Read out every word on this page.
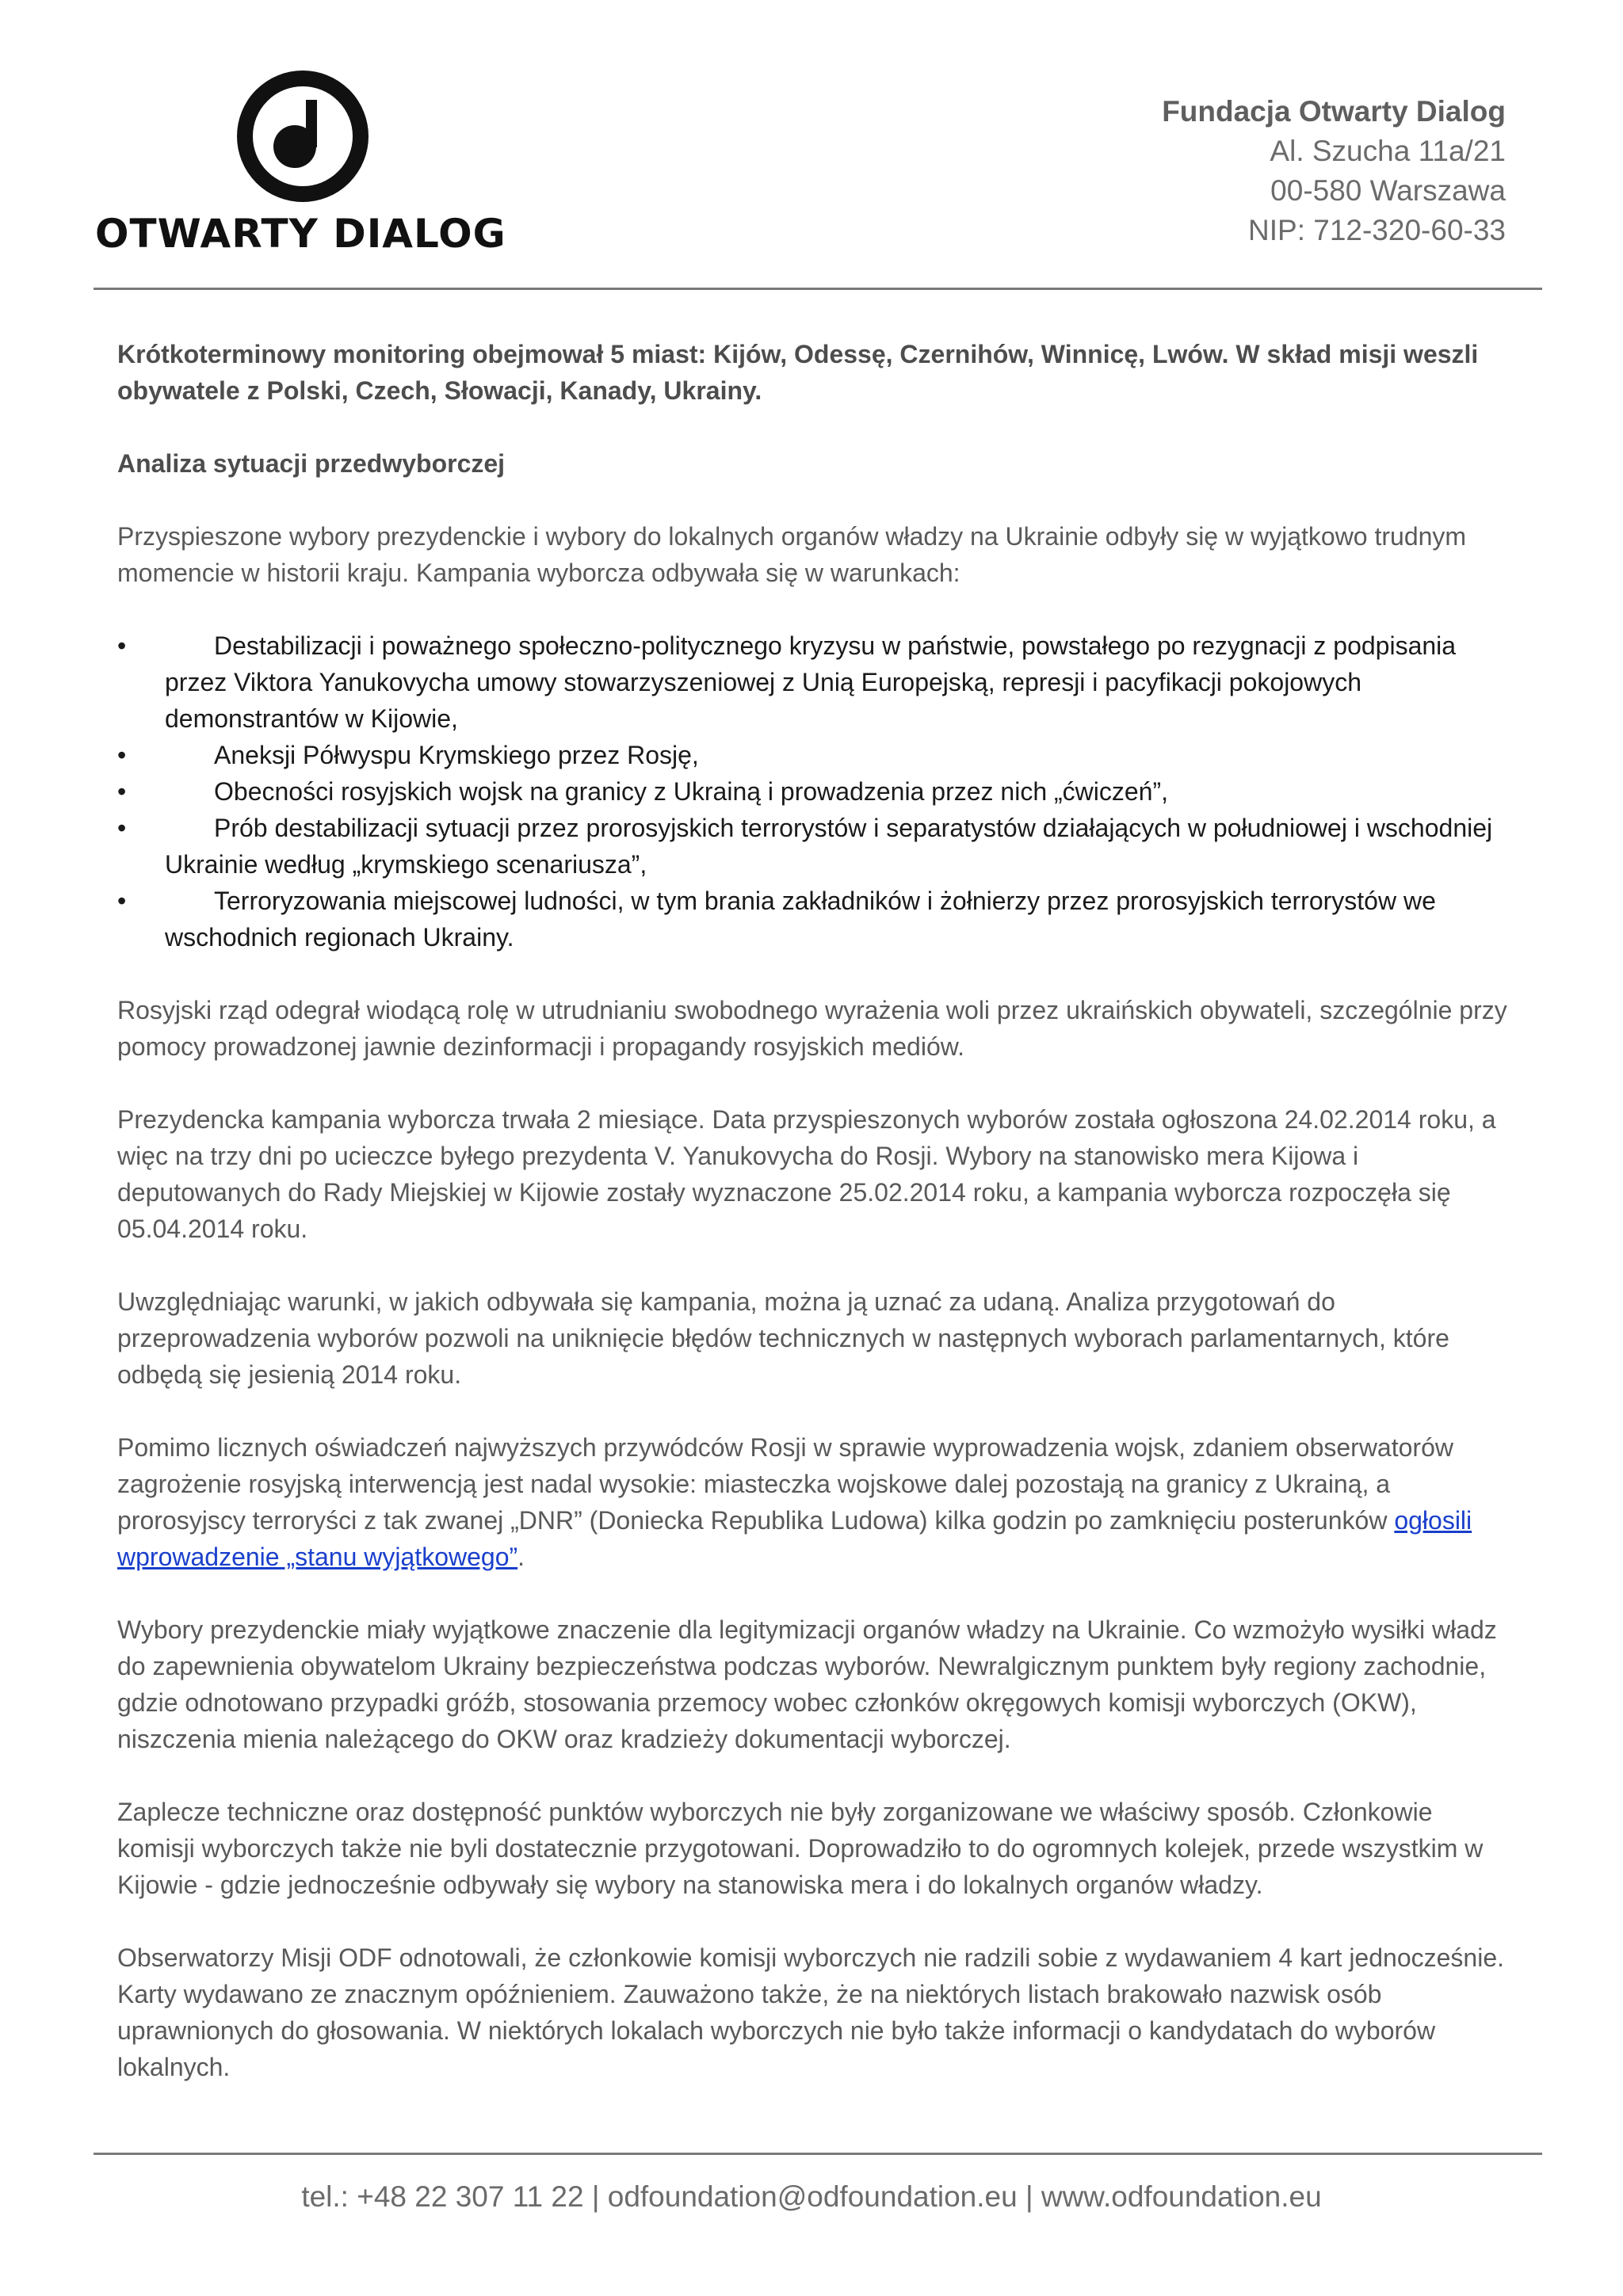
OTWARTY DIALOG
Fundacja Otwarty Dialog
Al. Szucha 11a/21
00-580 Warszawa
NIP: 712-320-60-33

Krótkoterminowy monitoring obejmował 5 miast: Kijów, Odessę, Czernihów, Winnicę, Lwów. W skład misji weszli obywatele z Polski, Czech, Słowacji, Kanady, Ukrainy.

Analiza sytuacji przedwyborczej

Przyspieszone wybory prezydenckie i wybory do lokalnych organów władzy na Ukrainie odbyły się w wyjątkowo trudnym momencie w historii kraju. Kampania wyborcza odbywała się w warunkach:

•	Destabilizacji i poważnego społeczno-politycznego kryzysu w państwie, powstałego po rezygnacji z podpisania przez Viktora Yanukovycha umowy stowarzyszeniowej z Unią Europejską, represji i pacyfikacji pokojowych demonstrantów w Kijowie,
•	Aneksji Półwyspu Krymskiego przez Rosję,
•	Obecności rosyjskich wojsk na granicy z Ukrainą i prowadzenia przez nich „ćwiczeń”,
•	Prób destabilizacji sytuacji przez prorosyjskich terrorystów i separatystów działających w południowej i wschodniej Ukrainie według „krymskiego scenariusza”,
•	Terroryzowania miejscowej ludności, w tym brania zakładników i żołnierzy przez prorosyjskich terrorystów we wschodnich regionach Ukrainy.

Rosyjski rząd odegrał wiodącą rolę w utrudnianiu swobodnego wyrażenia woli przez ukraińskich obywateli, szczególnie przy pomocy prowadzonej jawnie dezinformacji i propagandy rosyjskich mediów.

Prezydencka kampania wyborcza trwała 2 miesiące. Data przyspieszonych wyborów została ogłoszona 24.02.2014 roku, a więc na trzy dni po ucieczce byłego prezydenta V. Yanukovycha do Rosji. Wybory na stanowisko mera Kijowa i deputowanych do Rady Miejskiej w Kijowie zostały wyznaczone 25.02.2014 roku, a kampania wyborcza rozpoczęła się 05.04.2014 roku.

Uwzględniając warunki, w jakich odbywała się kampania, można ją uznać za udaną. Analiza przygotowań do przeprowadzenia wyborów pozwoli na uniknięcie błędów technicznych w następnych wyborach parlamentarnych, które odbędą się jesienią 2014 roku.

Pomimo licznych oświadczeń najwyższych przywódców Rosji w sprawie wyprowadzenia wojsk, zdaniem obserwatorów zagrożenie rosyjską interwencją jest nadal wysokie: miasteczka wojskowe dalej pozostają na granicy z Ukrainą, a prorosyjscy terroryści z tak zwanej „DNR” (Doniecka Republika Ludowa) kilka godzin po zamknięciu posterunków ogłosili wprowadzenie „stanu wyjątkowego”.

Wybory prezydenckie miały wyjątkowe znaczenie dla legitymizacji organów władzy na Ukrainie. Co wzmożyło wysiłki władz do zapewnienia obywatelom Ukrainy bezpieczeństwa podczas wyborów. Newralgicznym punktem były regiony zachodnie, gdzie odnotowano przypadki gróźb, stosowania przemocy wobec członków okręgowych komisji wyborczych (OKW), niszczenia mienia należącego do OKW oraz kradzieży dokumentacji wyborczej.

Zaplecze techniczne oraz dostępność punktów wyborczych nie były zorganizowane we właściwy sposób. Członkowie komisji wyborczych także nie byli dostatecznie przygotowani. Doprowadziło to do ogromnych kolejek, przede wszystkim w Kijowie - gdzie jednocześnie odbywały się wybory na stanowiska mera i do lokalnych organów władzy.

Obserwatorzy Misji ODF odnotowali, że członkowie komisji wyborczych nie radzili sobie z wydawaniem 4 kart jednocześnie. Karty wydawano ze znacznym opóźnieniem. Zauważono także, że na niektórych listach brakowało nazwisk osób uprawnionych do głosowania. W niektórych lokalach wyborczych nie było także informacji o kandydatach do wyborów lokalnych.

tel.: +48 22 307 11 22 | odfoundation@odfoundation.eu | www.odfoundation.eu
